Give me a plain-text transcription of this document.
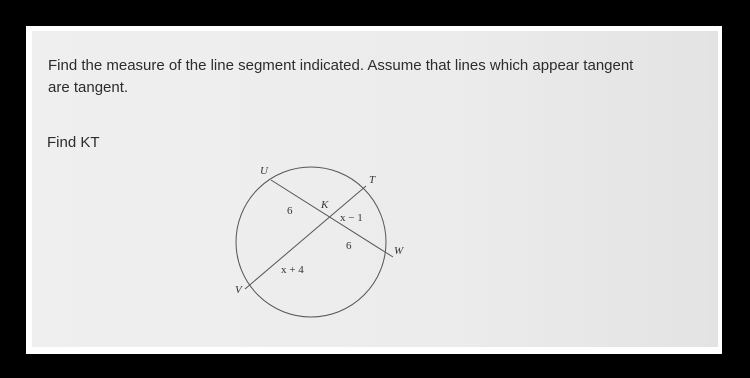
Find the measure of the line segment indicated. Assume that lines which appear tangent
are tangent.
Find KT
U
T
K
W
V
6
x − 1
6
x + 4
